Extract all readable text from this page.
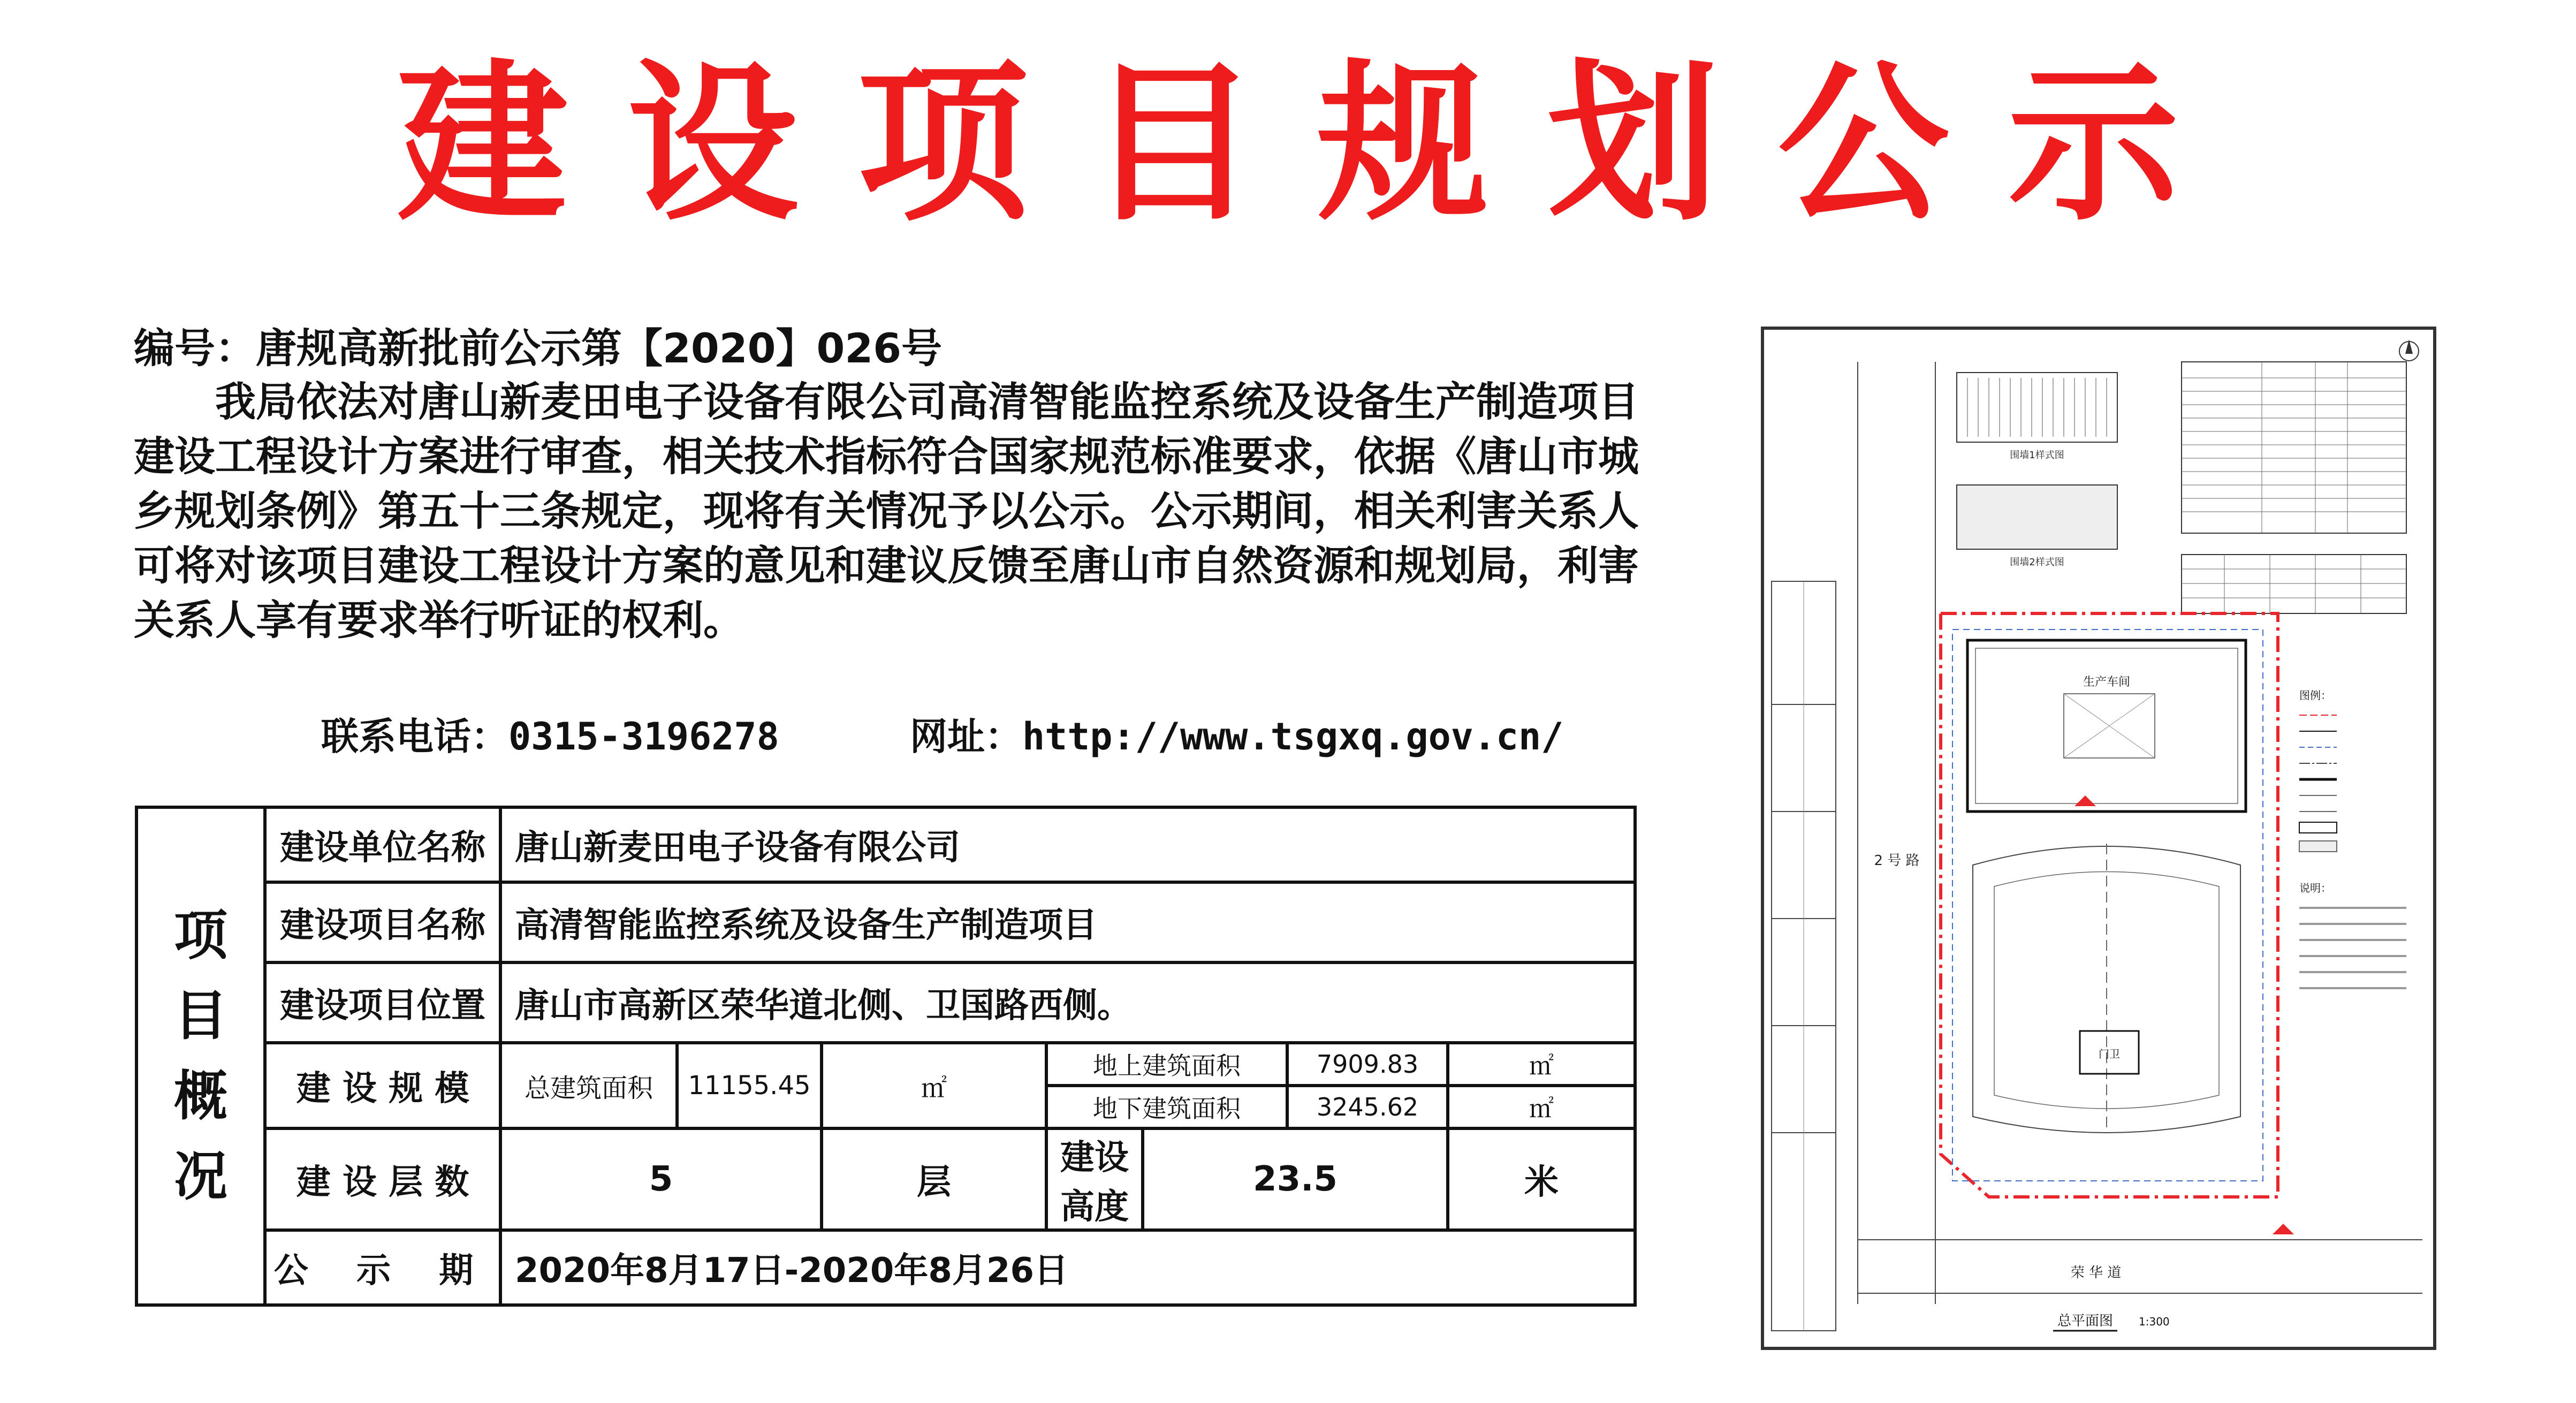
建设项目规划公示
编号：唐规高新批前公示第【2020】026号
我局依法对唐山新麦田电子设备有限公司高清智能监控系统及设备生产制造项目建设工程设计方案进行审查，相关技术指标符合国家规范标准要求，依据《唐山市城乡规划条例》第五十三条规定，现将有关情况予以公示。公示期间，相关利害关系人可将对该项目建设工程设计方案的意见和建议反馈至唐山市自然资源和规划局，利害关系人享有要求举行听证的权利。
联系电话：0315-3196278	网址：http://www.tsgxq.gov.cn/
项
目
概
况	建设单位名称	唐山新麦田电子设备有限公司						
	建设项目名称	高清智能监控系统及设备生产制造项目						
	建设项目位置	唐山市高新区荣华道北侧、卫国路西侧。						
	建 设 规 模	总建筑面积	11155.45	㎡	地上建筑面积		7909.83	㎡
					地下建筑面积		3245.62	㎡
	建 设 层 数	5		层	建设高度	23.5		米
	公 示 期	2020年8月17日-2020年8月26日						
2 号 路
荣 华 道
围墙1样式图
围墙2样式图
生产车间
门卫
图例：
说明：
总平面图 1:300
